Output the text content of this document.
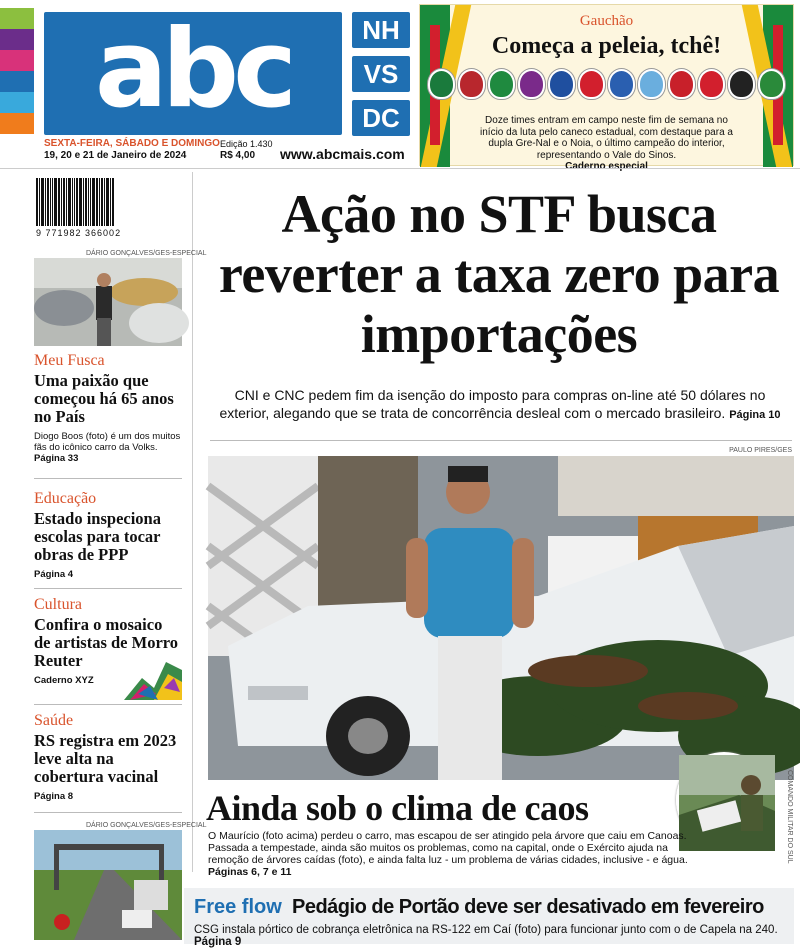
abc	NH
VS
DC
SEXTA-FEIRA, SÁBADO E DOMINGO
19, 20 e 21 de Janeiro de 2024
Edição 1.430
R$ 4,00	www.abcmais.com
Gauchão
Começa a peleia, tchê!
Doze times entram em campo neste fim de semana no início da luta pelo caneco estadual, com destaque para a dupla Gre-Nal e o Noia, o último campeão do interior, representando o Vale do Sinos.
Caderno especial
9 771982 366002
DÁRIO GONÇALVES/GES-ESPECIAL
Meu Fusca
Uma paixão que começou há 65 anos no País
Diogo Boos (foto) é um dos muitos fãs do icônico carro da Volks.
Página 33
Educação
Estado inspeciona escolas para tocar obras de PPP
Página 4
Cultura
Confira o mosaico de artistas de Morro Reuter
Caderno XYZ
Saúde
RS registra em 2023 leve alta na cobertura vacinal
Página 8
DÁRIO GONÇALVES/GES-ESPECIAL
Ação no STF busca reverter a taxa zero para importações
CNI e CNC pedem fim da isenção do imposto para compras on-line até 50 dólares no exterior, alegando que se trata de concorrência desleal com o mercado brasileiro. Página 10
PAULO PIRES/GES
COMANDO MILITAR DO SUL
Ainda sob o clima de caos
O Maurício (foto acima) perdeu o carro, mas escapou de ser atingido pela árvore que caiu em Canoas. Passada a tempestade, ainda são muitos os problemas, como na capital, onde o Exército ajuda na remoção de árvores caídas (foto), e ainda falta luz - um problema de várias cidades, inclusive - e água. Páginas 6, 7 e 11
Free flow Pedágio de Portão deve ser desativado em fevereiro
CSG instala pórtico de cobrança eletrônica na RS-122 em Caí (foto) para funcionar junto com o de Capela na 240. Página 9
